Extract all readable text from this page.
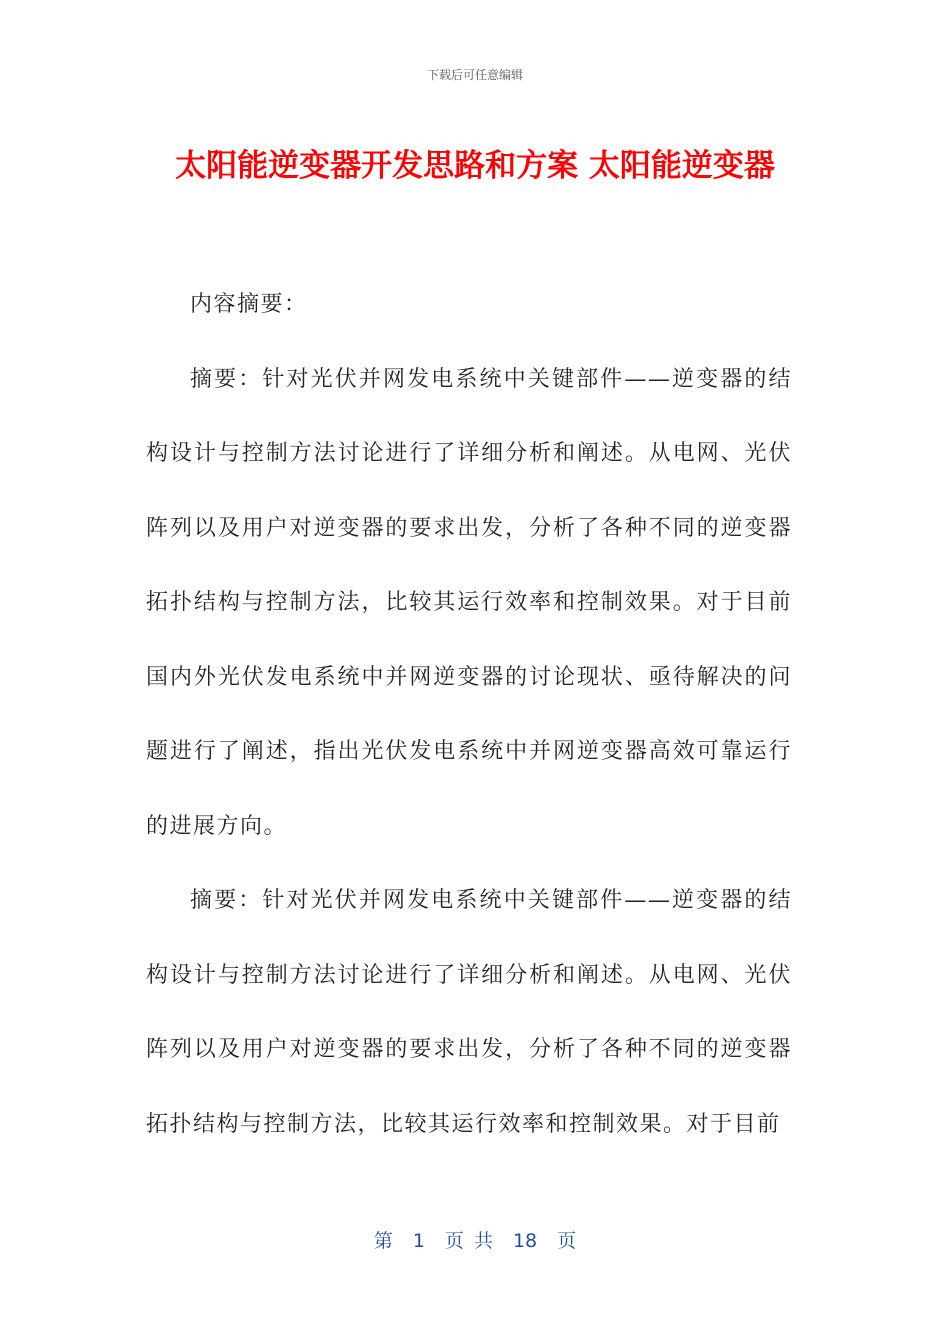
下载后可任意编辑
太阳能逆变器开发思路和方案 太阳能逆变器

内容摘要：

摘要：针对光伏并网发电系统中关键部件——逆变器的结构设计与控制方法讨论进行了详细分析和阐述。从电网、光伏阵列以及用户对逆变器的要求出发，分析了各种不同的逆变器拓扑结构与控制方法，比较其运行效率和控制效果。对于目前国内外光伏发电系统中并网逆变器的讨论现状、亟待解决的问题进行了阐述，指出光伏发电系统中并网逆变器高效可靠运行的进展方向。

摘要：针对光伏并网发电系统中关键部件——逆变器的结构设计与控制方法讨论进行了详细分析和阐述。从电网、光伏阵列以及用户对逆变器的要求出发，分析了各种不同的逆变器拓扑结构与控制方法，比较其运行效率和控制效果。对于目前

第 1 页 共 18 页
